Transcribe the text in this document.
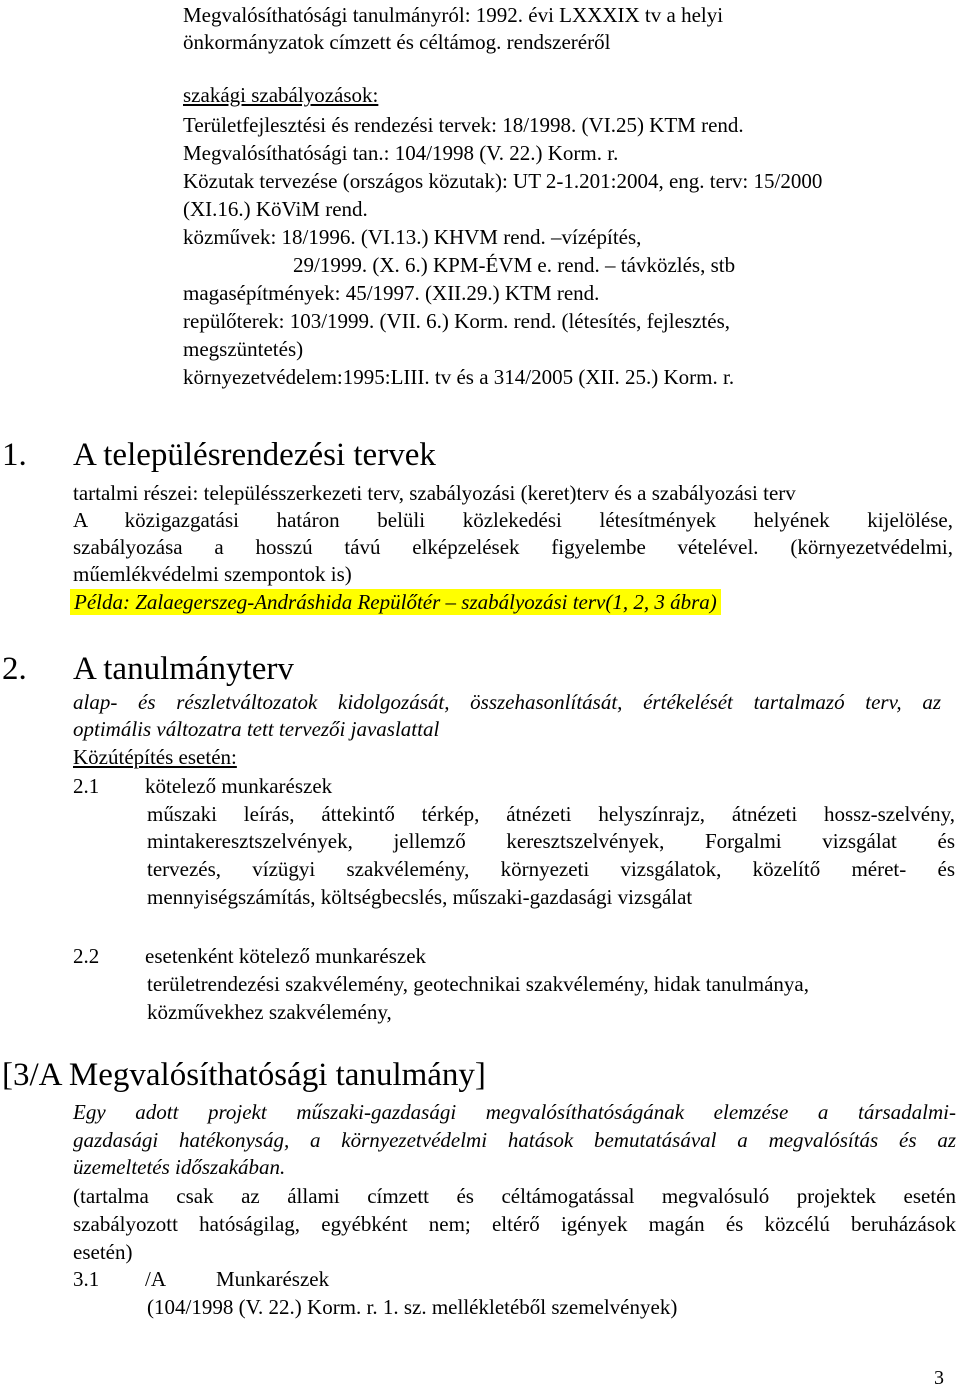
Megvalósíthatósági tanulmányról: 1992. évi LXXXIX tv a helyi
önkormányzatok címzett és céltámog. rendszeréről
szakági szabályozások:
Területfejlesztési és rendezési tervek: 18/1998. (VI.25) KTM rend.
Megvalósíthatósági tan.: 104/1998 (V. 22.) Korm. r.
Közutak tervezése (országos közutak): UT 2-1.201:2004, eng. terv: 15/2000
(XI.16.) KöViM rend.
közművek: 18/1996. (VI.13.) KHVM rend. –vízépítés,
29/1999. (X. 6.) KPM-ÉVM e. rend. – távközlés, stb
magasépítmények: 45/1997. (XII.29.) KTM rend.
repülőterek: 103/1999. (VII. 6.) Korm. rend. (létesítés, fejlesztés,
megszüntetés)
környezetvédelem:1995:LIII. tv és a 314/2005 (XII. 25.) Korm. r.
1. A településrendezési tervek
tartalmi részei: településszerkezeti terv, szabályozási (keret)terv és a szabályozási terv
A közigazgatási határon belüli közlekedési létesítmények helyének kijelölése,
szabályozása a hosszú távú elképzelések figyelembe vételével. (környezetvédelmi,
műemlékvédelmi szempontok is)
Példa: Zalaegerszeg-Andráshida Repülőtér – szabályozási terv(1, 2, 3 ábra)
2. A tanulmányterv
alap- és részletváltozatok kidolgozását, összehasonlítását, értékelését tartalmazó terv, az
optimális változatra tett tervezői javaslattal
Közútépítés esetén:
2.1 kötelező munkarészek
műszaki leírás, áttekintő térkép, átnézeti helyszínrajz, átnézeti hossz-szelvény,
mintakeresztszelvények, jellemző keresztszelvények, Forgalmi vizsgálat és
tervezés, vízügyi szakvélemény, környezeti vizsgálatok, közelítő méret- és
mennyiségszámítás, költségbecslés, műszaki-gazdasági vizsgálat
2.2 esetenként kötelező munkarészek
területrendezési szakvélemény, geotechnikai szakvélemény, hidak tanulmánya,
közművekhez szakvélemény,
[3/A Megvalósíthatósági tanulmány]
Egy adott projekt műszaki-gazdasági megvalósíthatóságának elemzése a társadalmi-
gazdasági hatékonyság, a környezetvédelmi hatások bemutatásával a megvalósítás és az
üzemeltetés időszakában.
(tartalma csak az állami címzett és céltámogatással megvalósuló projektek esetén
szabályozott hatóságilag, egyébként nem; eltérő igények magán és közcélú beruházások
esetén)
3.1 /A Munkarészek
(104/1998 (V. 22.) Korm. r. 1. sz. mellékletéből szemelvények)
3
